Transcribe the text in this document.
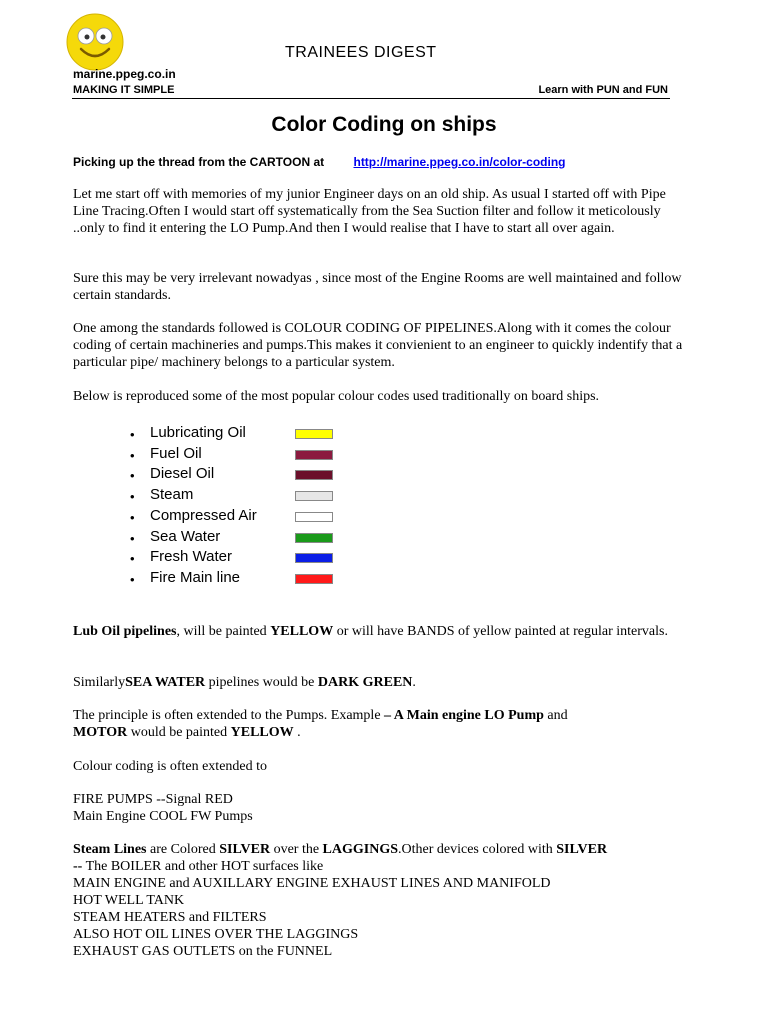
TRAINEES DIGEST
marine.ppeg.co.in
MAKING IT SIMPLE	Learn with PUN and FUN
Color Coding on ships
Picking up the thread from the CARTOON at http://marine.ppeg.co.in/color-coding
Let me start off with memories of my junior Engineer days on an old ship. As usual I started off with Pipe Line Tracing.Often I would start off systematically from the Sea Suction filter and follow it meticolously ..only to find it entering the LO Pump.And then I would realise that I have to start all over again.
Sure this may be very irrelevant nowadyas , since most of the Engine Rooms are well maintained and follow certain standards.
One among the standards followed is COLOUR CODING OF PIPELINES.Along with it comes the colour coding of certain machineries and pumps.This makes it convienient to an engineer to quickly indentify that a particular pipe/ machinery belongs to a particular system.
Below is reproduced some of the most popular colour codes used traditionally on board ships.
• Lubricating Oil
• Fuel Oil
• Diesel Oil
• Steam
• Compressed Air
• Sea Water
• Fresh Water
• Fire Main line
Lub Oil pipelines, will be painted YELLOW or will have BANDS of yellow painted at regular intervals.
SimilarlySEA WATER pipelines would be DARK GREEN.
The principle is often extended to the Pumps. Example – A Main engine LO Pump and
MOTOR would be painted YELLOW .
Colour coding is often extended to
FIRE PUMPS --Signal RED
Main Engine COOL FW Pumps
Steam Lines are Colored SILVER over the LAGGINGS.Other devices colored with SILVER
-- The BOILER and other HOT surfaces like
MAIN ENGINE and AUXILLARY ENGINE EXHAUST LINES AND MANIFOLD
HOT WELL TANK
STEAM HEATERS and FILTERS
ALSO HOT OIL LINES OVER THE LAGGINGS
EXHAUST GAS OUTLETS on the FUNNEL
